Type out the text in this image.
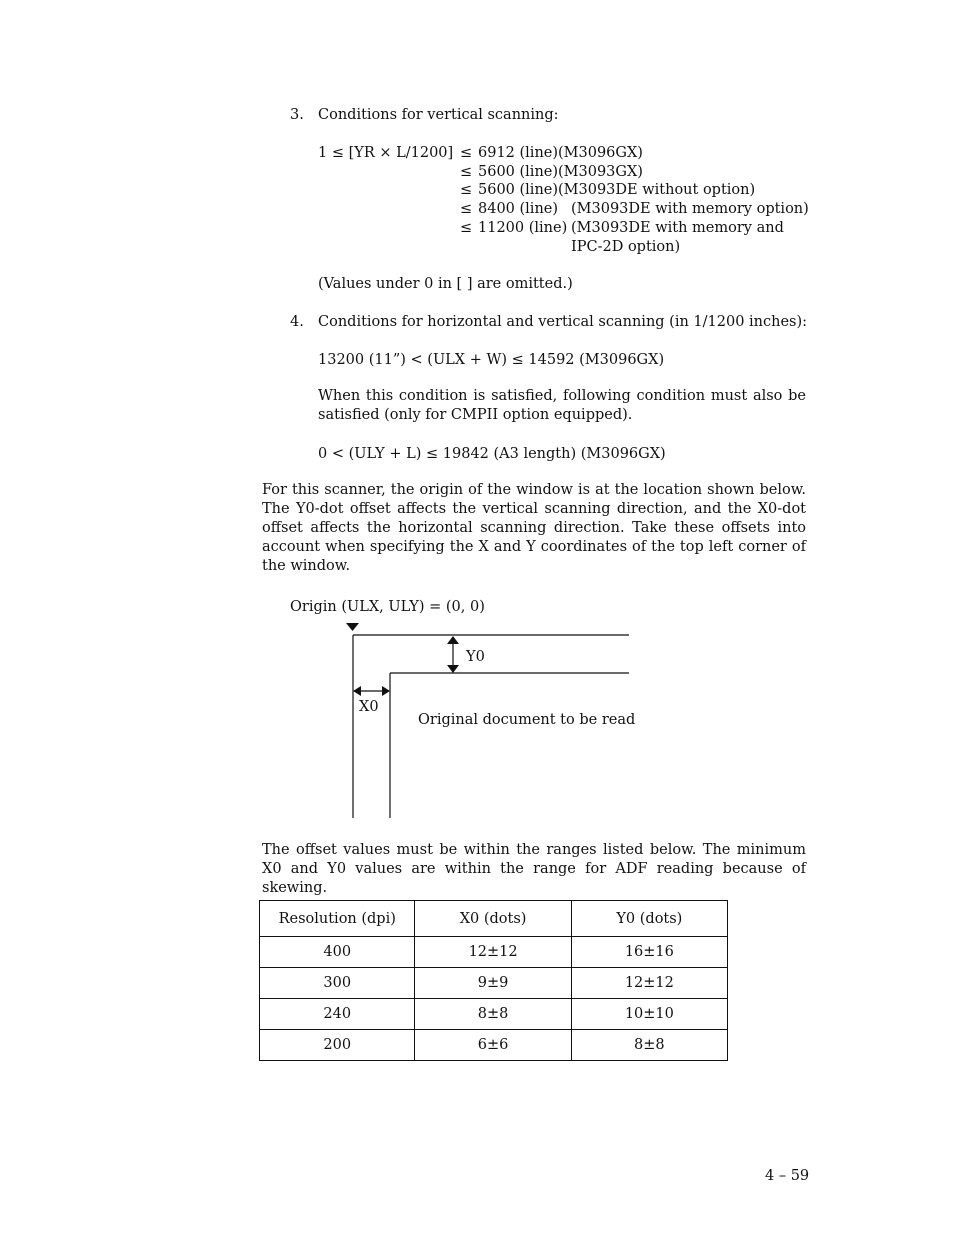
3. Conditions for vertical scanning:
1 ≤ [YR × L/1200] ≤ 6912 (line) (M3096GX)
≤ 5600 (line) (M3093GX)
≤ 5600 (line) (M3093DE without option)
≤ 8400 (line) (M3093DE with memory option)
≤ 11200 (line) (M3093DE with memory and
IPC-2D option)
(Values under 0 in [ ] are omitted.)
4. Conditions for horizontal and vertical scanning (in 1/1200 inches):
13200 (11”) < (ULX + W) ≤ 14592 (M3096GX)
When this condition is satisfied, following condition must also be satisfied (only for CMPII option equipped).
0 < (ULY + L) ≤ 19842 (A3 length) (M3096GX)
For this scanner, the origin of the window is at the location shown below. The Y0-dot offset affects the vertical scanning direction, and the X0-dot offset affects the horizontal scanning direction. Take these offsets into account when specifying the X and Y coordinates of the top left corner of the window.
Origin (ULX, ULY) = (0, 0)
Y0
X0
Original document to be read
The offset values must be within the ranges listed below. The minimum X0 and Y0 values are within the range for ADF reading because of skewing.
Resolution (dpi)	X0 (dots)	Y0 (dots)
400	12±12	16±16
300	9±9	12±12
240	8±8	10±10
200	6±6	8±8
4 – 59
